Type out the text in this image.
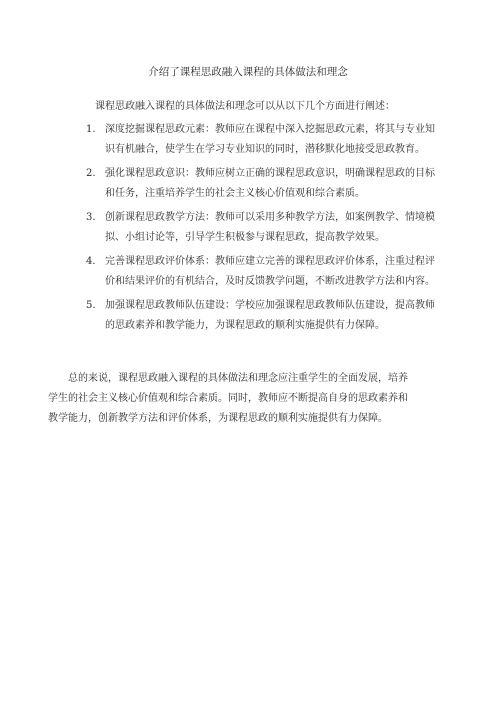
介绍了课程思政融入课程的具体做法和理念
课程思政融入课程的具体做法和理念可以从以下几个方面进行阐述：
1. 深度挖掘课程思政元素：教师应在课程中深入挖掘思政元素，将其与专业知
识有机融合，使学生在学习专业知识的同时，潜移默化地接受思政教育。
2. 强化课程思政意识：教师应树立正确的课程思政意识，明确课程思政的目标
和任务，注重培养学生的社会主义核心价值观和综合素质。
3. 创新课程思政教学方法：教师可以采用多种教学方法，如案例教学、情境模
拟、小组讨论等，引导学生积极参与课程思政，提高教学效果。
4. 完善课程思政评价体系：教师应建立完善的课程思政评价体系，注重过程评
价和结果评价的有机结合，及时反馈教学问题，不断改进教学方法和内容。
5. 加强课程思政教师队伍建设：学校应加强课程思政教师队伍建设，提高教师
的思政素养和教学能力，为课程思政的顺利实施提供有力保障。
总的来说，课程思政融入课程的具体做法和理念应注重学生的全面发展，培养
学生的社会主义核心价值观和综合素质。同时，教师应不断提高自身的思政素养和
教学能力，创新教学方法和评价体系，为课程思政的顺利实施提供有力保障。
